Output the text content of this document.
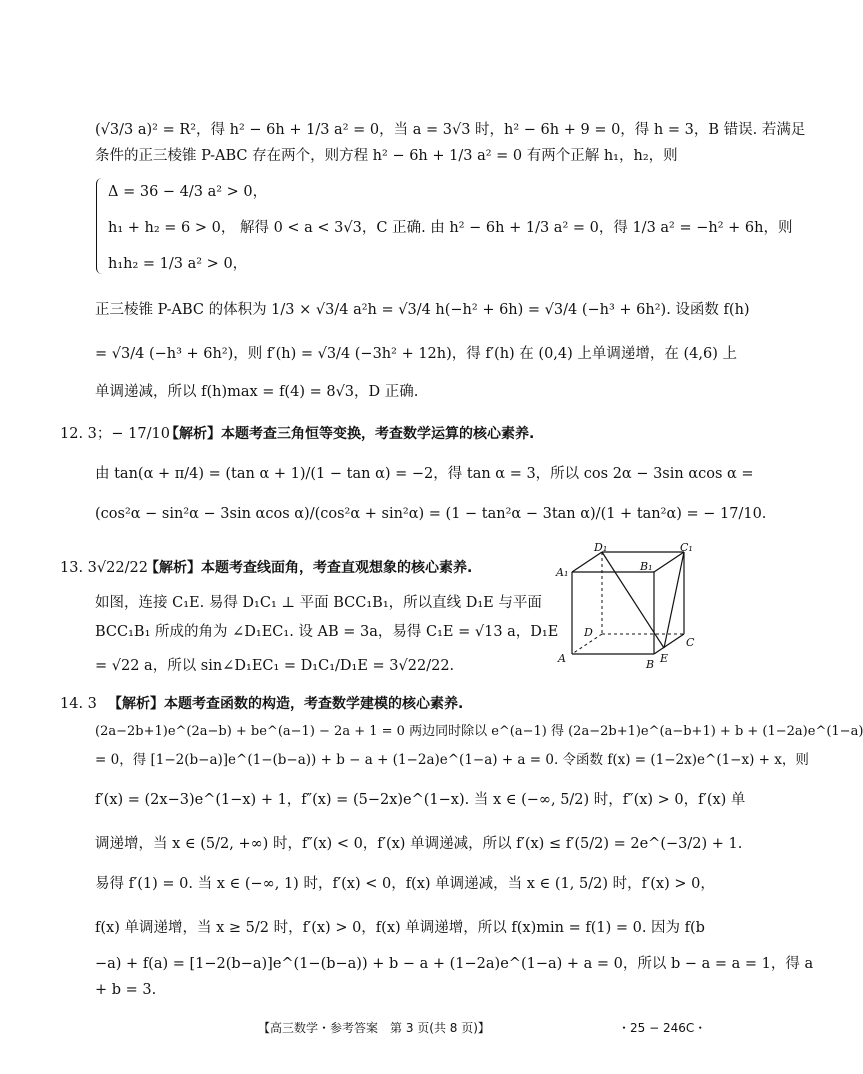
(√3/3 a)² = R²，得 h² − 6h + 1/3 a² = 0，当 a = 3√3 时，h² − 6h + 9 = 0，得 h = 3，B 错误. 若满足
条件的正三棱锥 P-ABC 存在两个，则方程 h² − 6h + 1/3 a² = 0 有两个正解 h₁，h₂，则
Δ = 36 − 4/3 a² > 0，
h₁ + h₂ = 6 > 0， 解得 0 < a < 3√3，C 正确. 由 h² − 6h + 1/3 a² = 0，得 1/3 a² = −h² + 6h，则
h₁h₂ = 1/3 a² > 0，
正三棱锥 P-ABC 的体积为 1/3 × √3/4 a²h = √3/4 h(−h² + 6h) = √3/4 (−h³ + 6h²). 设函数 f(h)
= √3/4 (−h³ + 6h²)，则 f′(h) = √3/4 (−3h² + 12h)，得 f′(h) 在 (0,4) 上单调递增，在 (4,6) 上
单调递减，所以 f(h)max = f(4) = 8√3，D 正确.
12. 3；− 17/10
【解析】本题考查三角恒等变换，考查数学运算的核心素养.
由 tan(α + π/4) = (tan α + 1)/(1 − tan α) = −2，得 tan α = 3，所以 cos 2α − 3sin αcos α =
(cos²α − sin²α − 3sin αcos α)/(cos²α + sin²α) = (1 − tan²α − 3tan α)/(1 + tan²α) = − 17/10.
13. 3√22/22
【解析】本题考查线面角，考查直观想象的核心素养.
如图，连接 C₁E. 易得 D₁C₁ ⊥ 平面 BCC₁B₁，所以直线 D₁E 与平面
BCC₁B₁ 所成的角为 ∠D₁EC₁. 设 AB = 3a，易得 C₁E = √13 a，D₁E
= √22 a，所以 sin∠D₁EC₁ = D₁C₁/D₁E = 3√22/22.
D₁	C₁
A₁	B₁
D
C
A	B E
14. 3 【解析】本题考查函数的构造，考查数学建模的核心素养.
(2a−2b+1)e^(2a−b) + be^(a−1) − 2a + 1 = 0 两边同时除以 e^(a−1) 得 (2a−2b+1)e^(a−b+1) + b + (1−2a)e^(1−a)
= 0，得 [1−2(b−a)]e^(1−(b−a)) + b − a + (1−2a)e^(1−a) + a = 0. 令函数 f(x) = (1−2x)e^(1−x) + x，则
f′(x) = (2x−3)e^(1−x) + 1，f″(x) = (5−2x)e^(1−x). 当 x ∈ (−∞, 5/2) 时，f″(x) > 0，f′(x) 单
调递增，当 x ∈ (5/2, +∞) 时，f″(x) < 0，f′(x) 单调递减，所以 f′(x) ≤ f′(5/2) = 2e^(−3/2) + 1.
易得 f′(1) = 0. 当 x ∈ (−∞, 1) 时，f′(x) < 0，f(x) 单调递减，当 x ∈ (1, 5/2) 时，f′(x) > 0，
f(x) 单调递增，当 x ≥ 5/2 时，f′(x) > 0，f(x) 单调递增，所以 f(x)min = f(1) = 0. 因为 f(b
−a) + f(a) = [1−2(b−a)]e^(1−(b−a)) + b − a + (1−2a)e^(1−a) + a = 0，所以 b − a = a = 1，得 a
+ b = 3.
【高三数学・参考答案　第 3 页(共 8 页)】	・25 − 246C・
